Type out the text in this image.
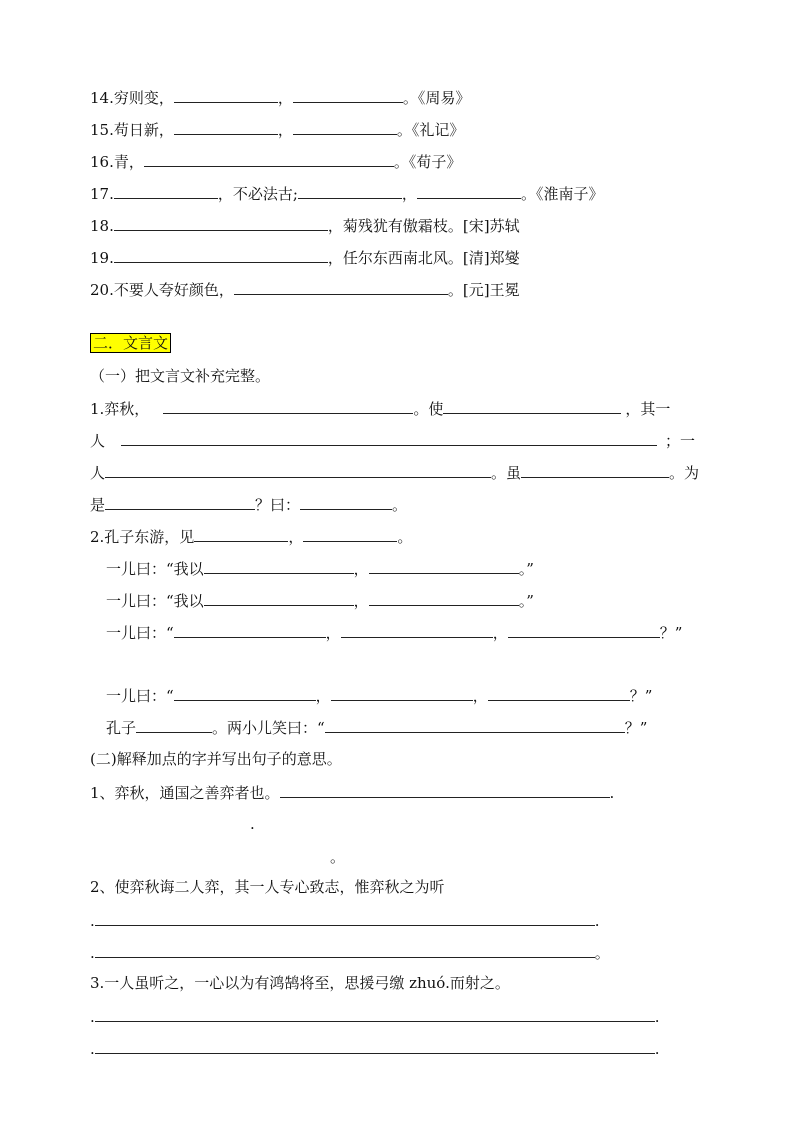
14.穷则变，	，	。《周易》
15.苟日新，	，	。《礼记》
16.青，	。《荀子》
17.	，不必法古;	，	。《淮南子》
18.	，菊残犹有傲霜枝。[宋]苏轼
19.	，任尔东西南北风。[清]郑燮
20.不要人夸好颜色，	。[元]王冕
二．文言文
（一）把文言文补充完整。
1.弈秋，	。使	，其一
人	；一
人	。虽	。为
是	？曰：	。
2.孔子东游，见	，	。
一儿曰：“我以	，	。”
一儿曰：“我以	，	。”
一儿曰：“	，	，	？”
一儿曰：“	，	，	？”
孔子	。两小儿笑曰：“	？”
(二)解释加点的字并写出句子的意思。
1、弈秋，通国之善弈者也。	.
.
。
2、使弈秋诲二人弈，其一人专心致志，惟弈秋之为听
.	.
.	。
3.一人虽听之，一心以为有鸿鹄将至，思援弓缴 zhuó.而射之。
.	.
.	.
